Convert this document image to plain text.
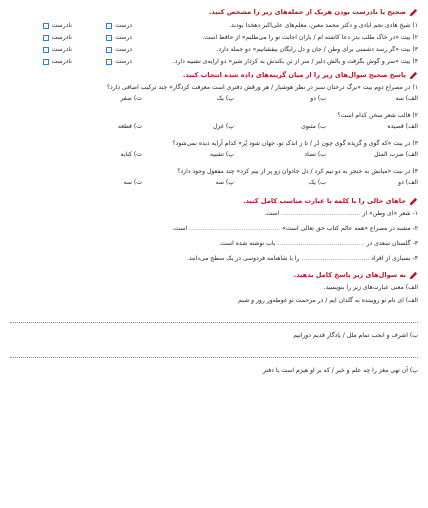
صحیح یا نادرست بودن هریک از جمله‌های زیر را مشخص کنید.
۱) شیخ هادی نجم آبادی و دکتر محمد معین، معلم‌های علی‌اکبر دهخدا بودند.
درست
نادرست
۲) بیت «در خاک طلب بدر دعا کاشته ام / باران اجابت تو را می‌طلبم» از حافظ است.
درست
نادرست
۳) بیت «گر رسد دشمنی برای وطن / جان و دل رایگان بیفشانیم» دو جمله دارد.
درست
نادرست
۴) بیت «سر و گوش بگرفت و یالش دلیر / سر از تن بکندش به کردار شیر» دو آرایه‌ی تشبیه دارد.
درست
نادرست
پاسخ صحیح سوال‌های زیر را از میان گزینه‌های داده شده انتخاب کنید.
۱) در مصراع دوم بیت «برگ درختان سبز در نظر هوشیار / هر ورقش دفتری است معرفت کردگار» چند ترکیب اضافی دارد؟
الف) سه
ب) دو
پ) یک
ت) صفر
۲) قالب شعر سخن کدام است؟
الف) قصیده
ب) مثنوی
پ) غزل
ت) قطعه
۳) در بیت «که گوی و گزیده گوی چون دُر / تا ز اندک تو، جهان شود پُر» کدام آرایه دیده نمی‌شود؟
الف) ضرب المثل
ب) تضاد
پ) تشبیه
ت) کنایه
۴) در بیت «میانش به خنجر به دو نیم کرد / دل جادوان زو پر از بیم کرد» چند مفعول وجود دارد؟
الف) دو
ب) یک
پ) سه
ت) سه
جاهای خالی را با کلمه یا عبارت مناسب کامل کنید.
۱- شعر «ای وطن» از ......................................... است.
۲- مشبه در مصراع «همه عالم کتاب حق تعالی است» ............................................... است.
۳- گلستان سعدی در ............................................. باب نوشته شده است.
۴- بسیاری از افراد ................................... را با شاهنامه فردوسی در یک سطح می‌دانند.
به سوال‌های زیر پاسخ کامل بدهید.
الف) معنی عبارت‌های زیر را بنویسید.
الف) ای نام تو رویینده به گلدان ایم / در مرحمت تو غوطه‌ور روز و شبم
ب) اشرف و انجب تمام ملل / یادگار قدیم دورانیم
پ) آن تهی مغز را چه علم و خبر / که بر او هیزم است یا دفتر
